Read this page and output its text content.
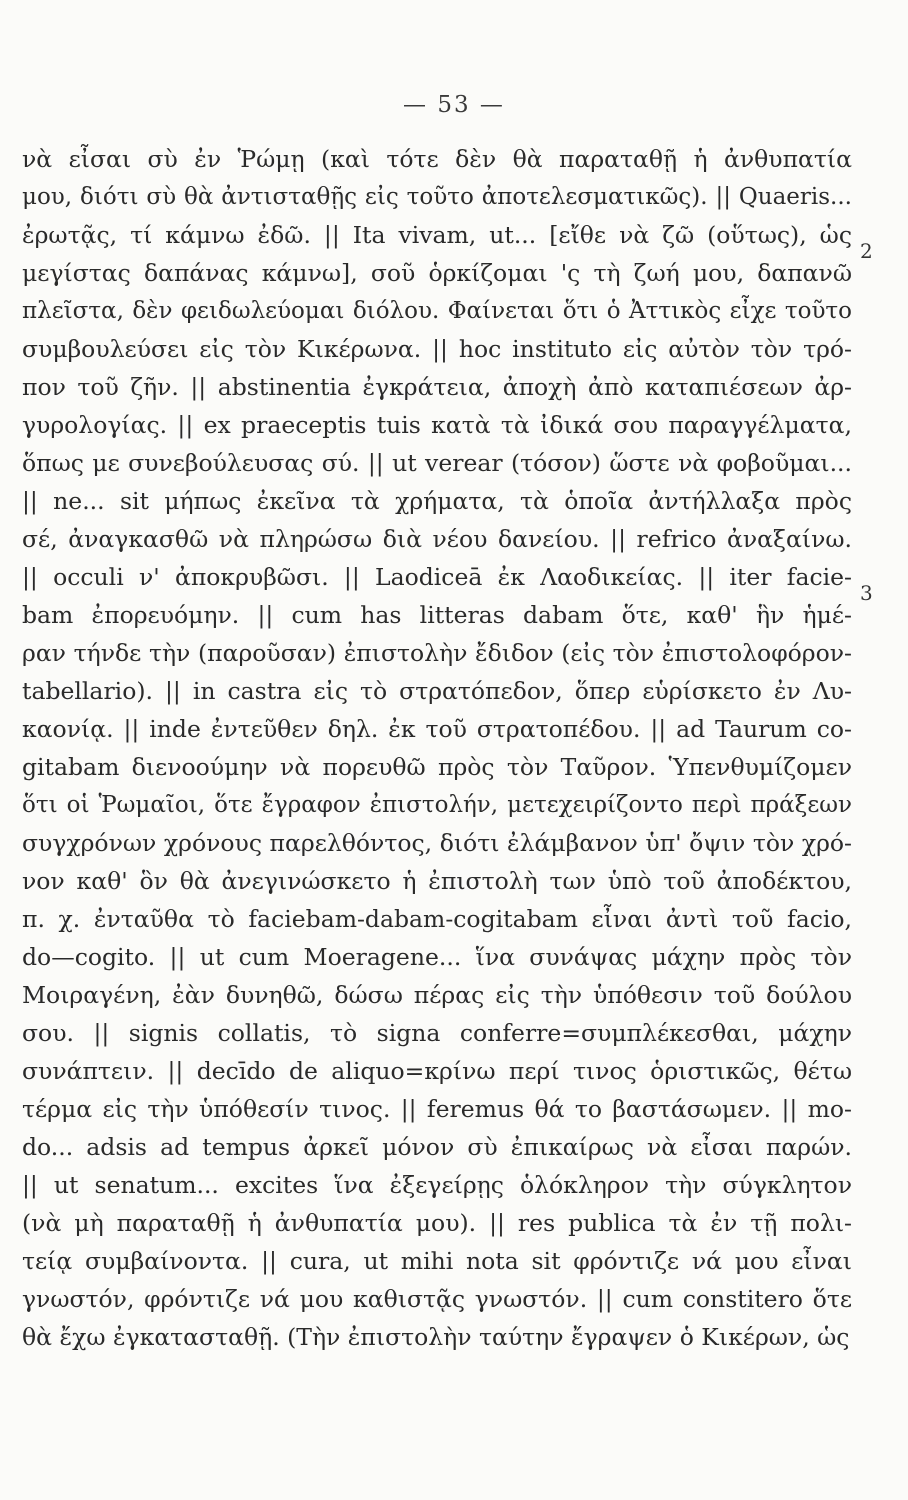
— 53 —
2
3
νὰ εἶσαι σὺ ἐν Ῥώμῃ (καὶ τότε δὲν θὰ παραταθῇ ἡ ἀνθυπατία
μου, διότι σὺ θὰ ἀντισταθῇς εἰς τοῦτο ἀποτελεσματικῶς). || Quaeris...
ἐρωτᾷς, τί κάμνω ἐδῶ. || Ita vivam, ut... [εἴθε νὰ ζῶ (οὕτως), ὡς
μεγίστας δαπάνας κάμνω], σοῦ ὁρκίζομαι 'ς τὴ ζωή μου, δαπανῶ
πλεῖστα, δὲν φειδωλεύομαι διόλου. Φαίνεται ὅτι ὁ Ἀττικὸς εἶχε τοῦτο
συμβουλεύσει εἰς τὸν Κικέρωνα. || hoc instituto εἰς αὐτὸν τὸν τρό-
πον τοῦ ζῆν. || abstinentia ἐγκράτεια, ἀποχὴ ἀπὸ καταπιέσεων ἀρ-
γυρολογίας. || ex praeceptis tuis κατὰ τὰ ἰδικά σου παραγγέλματα,
ὅπως με συνεβούλευσας σύ. || ut verear (τόσον) ὥστε νὰ φοβοῦμαι...
|| ne... sit μήπως ἐκεῖνα τὰ χρήματα, τὰ ὁποῖα ἀντήλλαξα πρὸς
σέ, ἀναγκασθῶ νὰ πληρώσω διὰ νέου δανείου. || refrico ἀναξαίνω.
|| occuli ν' ἀποκρυβῶσι. || Laodiceā ἐκ Λαοδικείας. || iter facie-
bam ἐπορευόμην. || cum has litteras dabam ὅτε, καθ' ἣν ἡμέ-
ραν τήνδε τὴν (παροῦσαν) ἐπιστολὴν ἔδιδον (εἰς τὸν ἐπιστολοφόρον-
tabellario). || in castra εἰς τὸ στρατόπεδον, ὅπερ εὑρίσκετο ἐν Λυ-
καονίᾳ. || inde ἐντεῦθεν δηλ. ἐκ τοῦ στρατοπέδου. || ad Taurum co-
gitabam διενοούμην νὰ πορευθῶ πρὸς τὸν Ταῦρον. Ὑπενθυμίζομεν
ὅτι οἱ Ῥωμαῖοι, ὅτε ἔγραφον ἐπιστολήν, μετεχειρίζοντο περὶ πράξεων
συγχρόνων χρόνους παρελθόντος, διότι ἐλάμβανον ὑπ' ὄψιν τὸν χρό-
νον καθ' ὃν θὰ ἀνεγινώσκετο ἡ ἐπιστολὴ των ὑπὸ τοῦ ἀποδέκτου,
π. χ. ἐνταῦθα τὸ faciebam-dabam-cogitabam εἶναι ἀντὶ τοῦ facio,
do—cogito. || ut cum Moeragene... ἵνα συνάψας μάχην πρὸς τὸν
Μοιραγένη, ἐὰν δυνηθῶ, δώσω πέρας εἰς τὴν ὑπόθεσιν τοῦ δούλου
σου. || signis collatis, τὸ signa conferre=συμπλέκεσθαι, μάχην
συνάπτειν. || decīdo de aliquo=κρίνω περί τινος ὁριστικῶς, θέτω
τέρμα εἰς τὴν ὑπόθεσίν τινος. || feremus θά το βαστάσωμεν. || mo-
do... adsis ad tempus ἀρκεῖ μόνον σὺ ἐπικαίρως νὰ εἶσαι παρών.
|| ut senatum... excites ἵνα ἐξεγείρῃς ὁλόκληρον τὴν σύγκλητον
(νὰ μὴ παραταθῇ ἡ ἀνθυπατία μου). || res publica τὰ ἐν τῇ πολι-
τείᾳ συμβαίνοντα. || cura, ut mihi nota sit φρόντιζε νά μου εἶναι
γνωστόν, φρόντιζε νά μου καθιστᾷς γνωστόν. || cum constitero ὅτε
θὰ ἔχω ἐγκατασταθῇ. (Τὴν ἐπιστολὴν ταύτην ἔγραψεν ὁ Κικέρων, ὡς
